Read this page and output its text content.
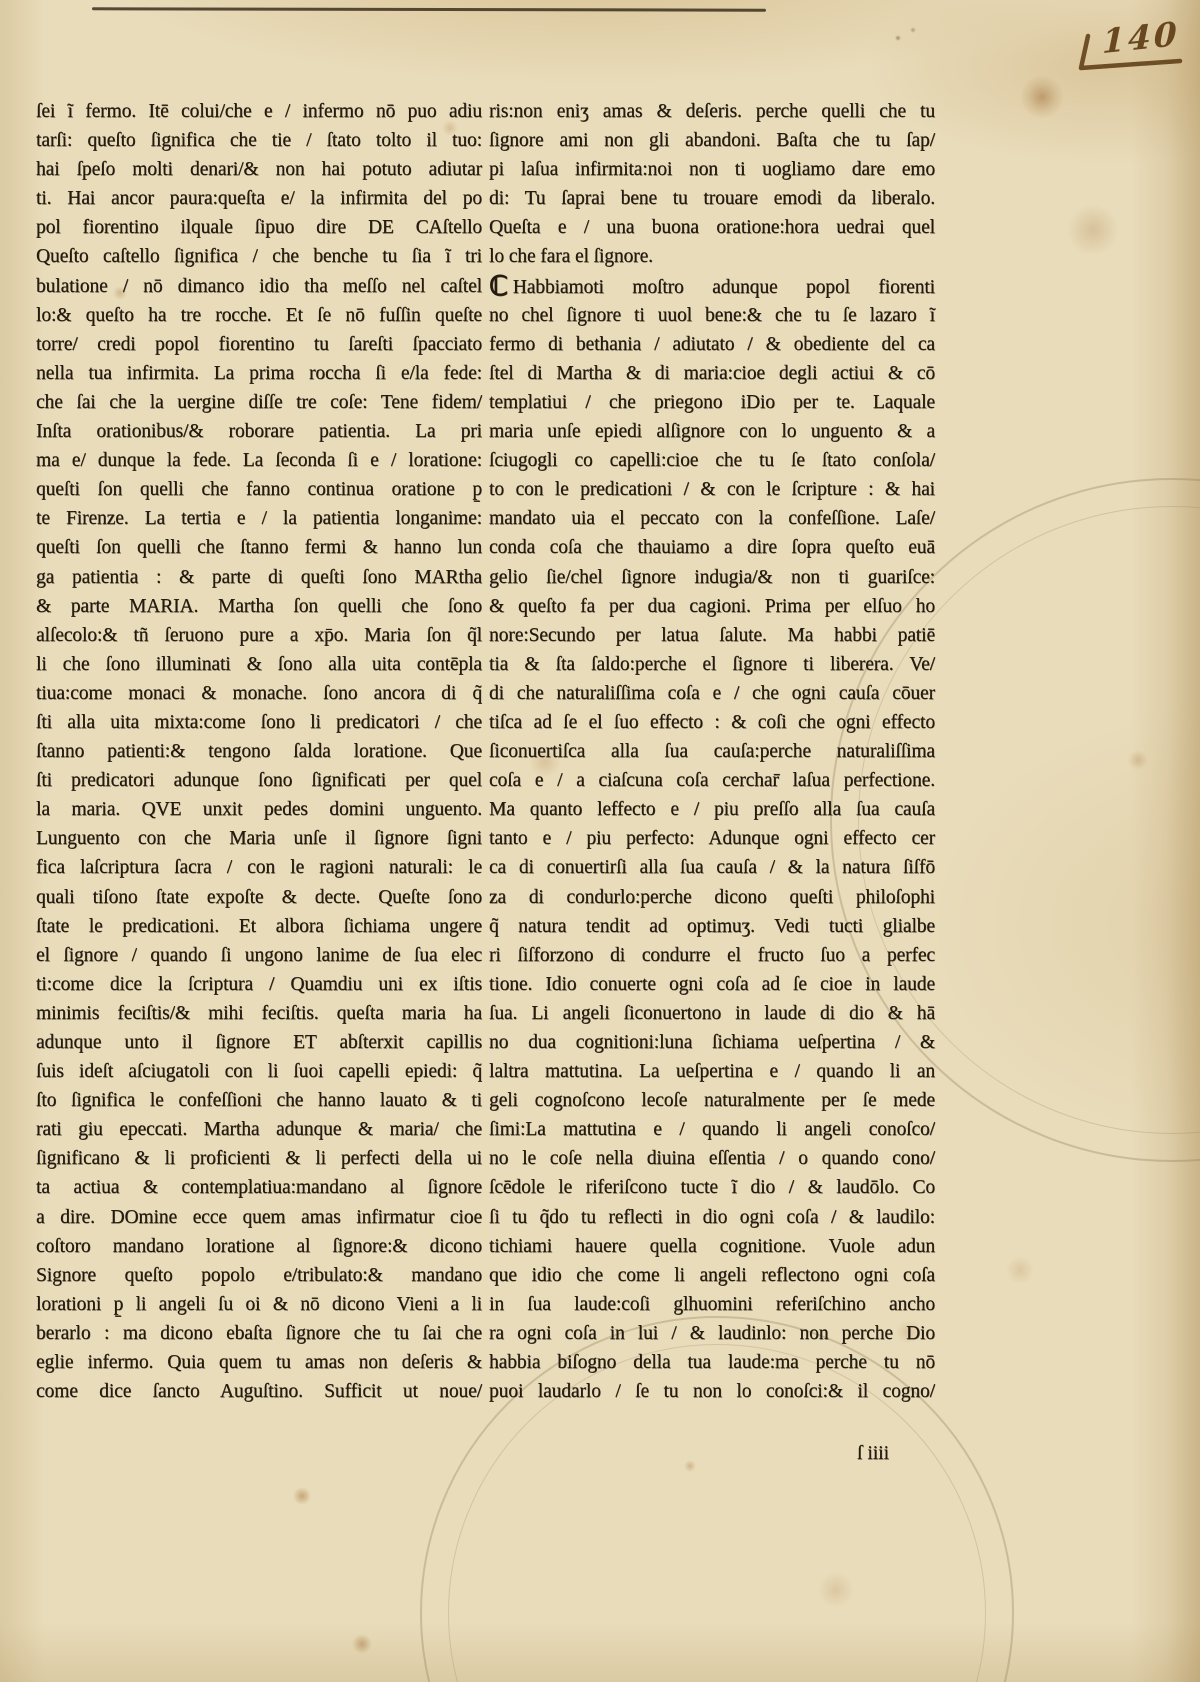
140
ſei ĩ fermo. Itē colui/che e / infermo nō puo adiu
tarſi: queſto ſignifica che tie / ſtato tolto il tuo:
hai ſpeſo molti denari/& non hai potuto adiutar
ti. Hai ancor paura:queſta e/ la infirmita del po
pol fiorentino ilquale ſipuo dire DE CAſtello
Queſto caſtello ſignifica / che benche tu ſia ĩ tri
bulatione / nō dimanco idio tha meſſo nel caſtel
lo:& queſto ha tre rocche. Et ſe nō fuſſin queſte
torre/ credi popol fiorentino tu ſareſti ſpacciato
nella tua infirmita. La prima roccha ſi e/la fede:
che ſai che la uergine diſſe tre coſe: Tene fidem/
Inſta orationibus/& roborare patientia. La pri
ma e/ dunque la fede. La ſeconda ſi e / loratione:
queſti ſon quelli che fanno continua oratione p̱
te Firenze. La tertia e / la patientia longanime:
queſti ſon quelli che ſtanno fermi & hanno lun
ga patientia : & parte di queſti ſono MARtha
& parte MARIA. Martha ſon quelli che ſono
alſecolo:& tñ ſeruono pure a xp̄o. Maria ſon q̃l
li che ſono illuminati & ſono alla uita contēpla
tiua:come monaci & monache. ſono ancora di q̃
ſti alla uita mixta:come ſono li predicatori / che
ſtanno patienti:& tengono ſalda loratione. Que
ſti predicatori adunque ſono ſignificati per quel
la maria. QVE unxit pedes domini unguento.
Lunguento con che Maria unſe il ſignore ſigni
fica laſcriptura ſacra / con le ragioni naturali: le
quali tiſono ſtate expoſte & decte. Queſte ſono
ſtate le predicationi. Et albora ſichiama ungere
el ſignore / quando ſi ungono lanime de ſua elec
ti:come dice la ſcriptura / Quamdiu uni ex iſtis
minimis feciſtis/& mihi feciſtis. queſta maria ha
adunque unto il ſignore ET abſterxit capillis
ſuis ideſt aſciugatoli con li ſuoi capelli epiedi: q̃
ſto ſignifica le confeſſioni che hanno lauato & ti
rati giu epeccati. Martha adunque & maria/ che
ſignificano & li proficienti & li perfecti della ui
ta actiua & contemplatiua:mandano al ſignore
a dire. DOmine ecce quem amas infirmatur cioe
coſtoro mandano loratione al ſignore:& dicono
Signore queſto popolo e/tribulato:& mandano
lorationi p̱ li angeli ſu oi & nō dicono Vieni a li
berarlo : ma dicono ebaſta ſignore che tu ſai che
eglie infermo. Quia quem tu amas non deſeris &
come dice ſancto Auguſtino. Sufficit ut noue/
ris:non eniʒ amas & deſeris. perche quelli che tu
ſignore ami non gli abandoni. Baſta che tu ſap/
pi laſua infirmita:noi non ti uogliamo dare emo
di: Tu ſaprai bene tu trouare emodi da liberalo.
Queſta e / una buona oratione:hora uedrai quel
lo che fara el ſignore.
ℂ Habbiamoti moſtro adunque popol fiorenti
no chel ſignore ti uuol bene:& che tu ſe lazaro ĩ
fermo di bethania / adiutato / & obediente del ca
ſtel di Martha & di maria:cioe degli actiui & cō
templatiui / che priegono iDio per te. Laquale
maria unſe epiedi alſignore con lo unguento & a
ſciugogli co capelli:cioe che tu ſe ſtato conſola/
to con le predicationi / & con le ſcripture : & hai
mandato uia el peccato con la confeſſione. Laſe/
conda coſa che thauiamo a dire ſopra queſto euā
gelio ſie/chel ſignore indugia/& non ti guariſce:
& queſto fa per dua cagioni. Prima per elſuo ho
nore:Secundo per latua ſalute. Ma habbi patiē
tia & ſta ſaldo:perche el ſignore ti liberera. Ve/
di che naturaliſſima coſa e / che ogni cauſa cōuer
tiſca ad ſe el ſuo effecto : & coſi che ogni effecto
ſiconuertiſca alla ſua cauſa:perche naturaliſſima
coſa e / a ciaſcuna coſa cerchar̄ laſua perfectione.
Ma quanto leffecto e / piu preſſo alla ſua cauſa
tanto e / piu perfecto: Adunque ogni effecto cer
ca di conuertirſi alla ſua cauſa / & la natura ſiſfō
za di condurlo:perche dicono queſti philoſophi
q̃ natura tendit ad optimuʒ. Vedi tucti glialbe
ri ſiſforzono di condurre el fructo ſuo a perfec
tione. Idio conuerte ogni coſa ad ſe cioe in laude
ſua. Li angeli ſiconuertono in laude di dio & hā
no dua cognitioni:luna ſichiama ueſpertina / &
laltra mattutina. La ueſpertina e / quando li an
geli cognoſcono lecoſe naturalmente per ſe mede
ſimi:La mattutina e / quando li angeli conoſco/
no le coſe nella diuina eſſentia / o quando cono/
ſcēdole le riferiſcono tucte ĩ dio / & laudōlo. Co
ſi tu q̃do tu reflecti in dio ogni coſa / & laudilo:
tichiami hauere quella cognitione. Vuole adun
que idio che come li angeli reflectono ogni coſa
in ſua laude:coſi glhuomini referiſchino ancho
ra ogni coſa in lui / & laudinlo: non perche Dio
habbia biſogno della tua laude:ma perche tu nō
puoi laudarlo / ſe tu non lo conoſci:& il cogno/
ſ iiii
